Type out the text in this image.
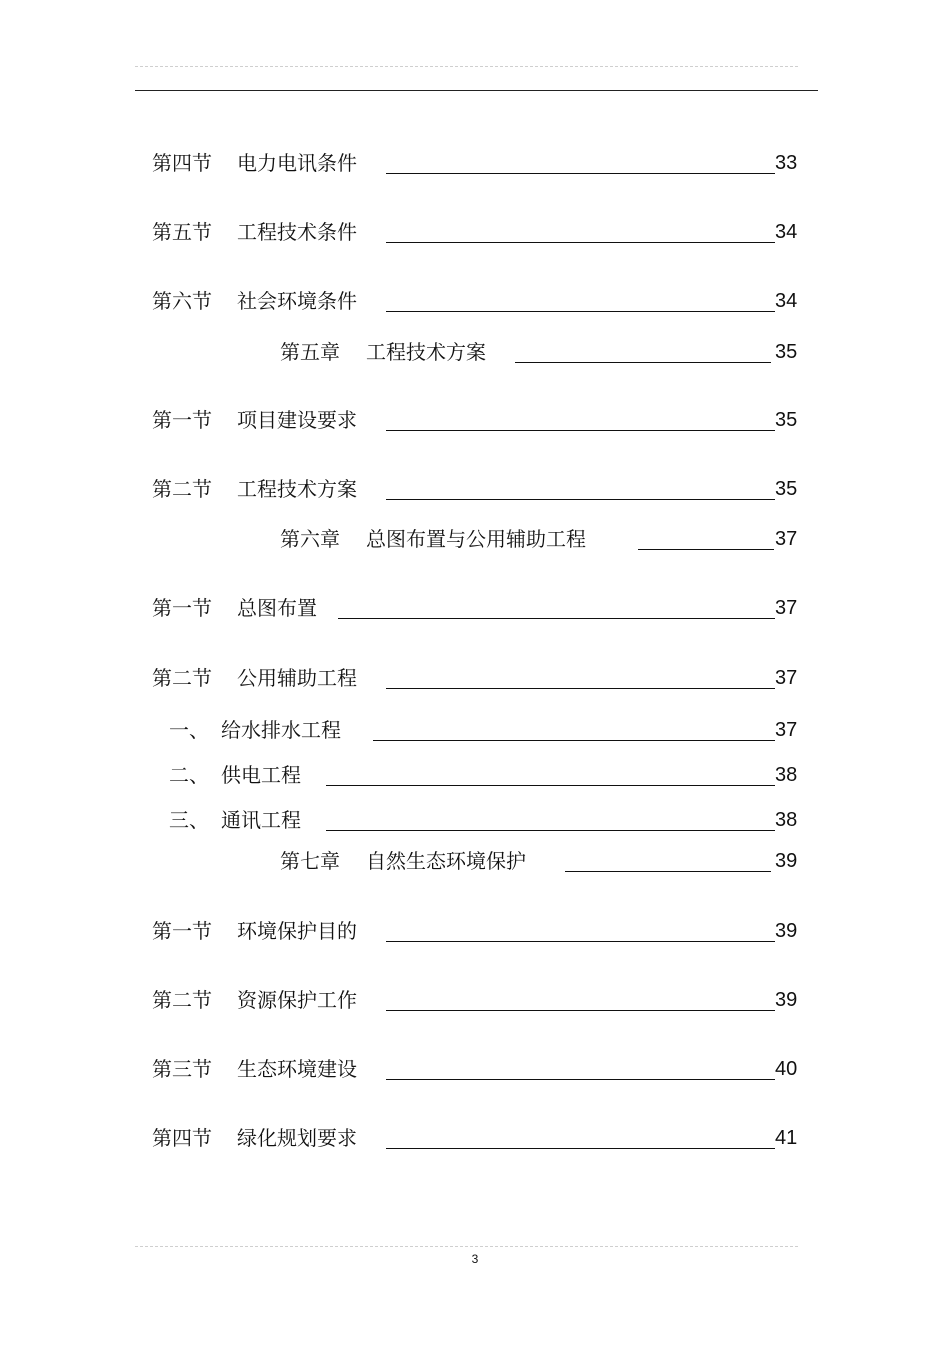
第四节 电力电讯条件	33
第五节 工程技术条件	34
第六节 社会环境条件	34
第五章 工程技术方案	35
第一节 项目建设要求	35
第二节 工程技术方案	35
第六章 总图布置与公用辅助工程	37
第一节 总图布置	37
第二节 公用辅助工程	37
一、 给水排水工程	37
二、 供电工程	38
三、 通讯工程	38
第七章 自然生态环境保护	39
第一节 环境保护目的	39
第二节 资源保护工作	39
第三节 生态环境建设	40
第四节 绿化规划要求	41
3
